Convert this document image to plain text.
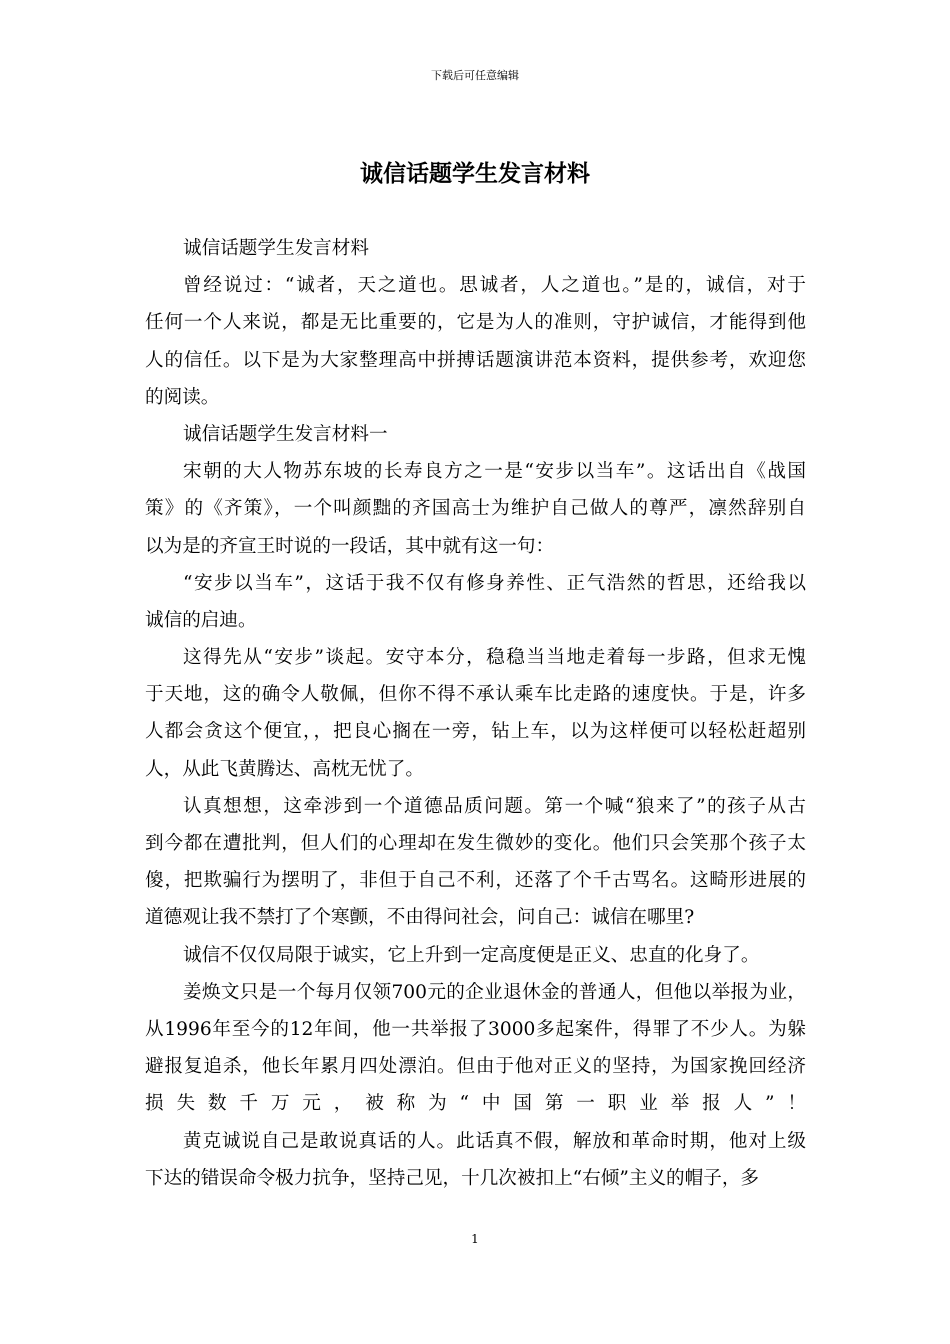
下载后可任意编辑
诚信话题学生发言材料
诚信话题学生发言材料
曾经说过：“诚者，天之道也。思诚者，人之道也。”是的，诚信，对于
任何一个人来说，都是无比重要的，它是为人的准则，守护诚信，才能得到他
人的信任。以下是为大家整理高中拼搏话题演讲范本资料，提供参考，欢迎您
的阅读。
诚信话题学生发言材料一
宋朝的大人物苏东坡的长寿良方之一是“安步以当车”。这话出自《战国
策》的《齐策》，一个叫颜黜的齐国高士为维护自己做人的尊严，凛然辞别自
以为是的齐宣王时说的一段话，其中就有这一句：
“安步以当车”，这话于我不仅有修身养性、正气浩然的哲思，还给我以
诚信的启迪。
这得先从“安步”谈起。安守本分，稳稳当当地走着每一步路，但求无愧
于天地，这的确令人敬佩，但你不得不承认乘车比走路的速度快。于是，许多
人都会贪这个便宜，，把良心搁在一旁，钻上车，以为这样便可以轻松赶超别
人，从此飞黄腾达、高枕无忧了。
认真想想，这牵涉到一个道德品质问题。第一个喊“狼来了”的孩子从古
到今都在遭批判，但人们的心理却在发生微妙的变化。他们只会笑那个孩子太
傻，把欺骗行为摆明了，非但于自己不利，还落了个千古骂名。这畸形进展的
道德观让我不禁打了个寒颤，不由得问社会，问自己：诚信在哪里?
诚信不仅仅局限于诚实，它上升到一定高度便是正义、忠直的化身了。
姜焕文只是一个每月仅领700元的企业退休金的普通人，但他以举报为业，
从1996年至今的12年间，他一共举报了3000多起案件，得罪了不少人。为躲
避报复追杀，他长年累月四处漂泊。但由于他对正义的坚持，为国家挽回经济
损失数千万元，被称为“中国第一职业举报人”！
黄克诚说自己是敢说真话的人。此话真不假，解放和革命时期，他对上级
下达的错误命令极力抗争，坚持己见，十几次被扣上“右倾”主义的帽子，多
1
